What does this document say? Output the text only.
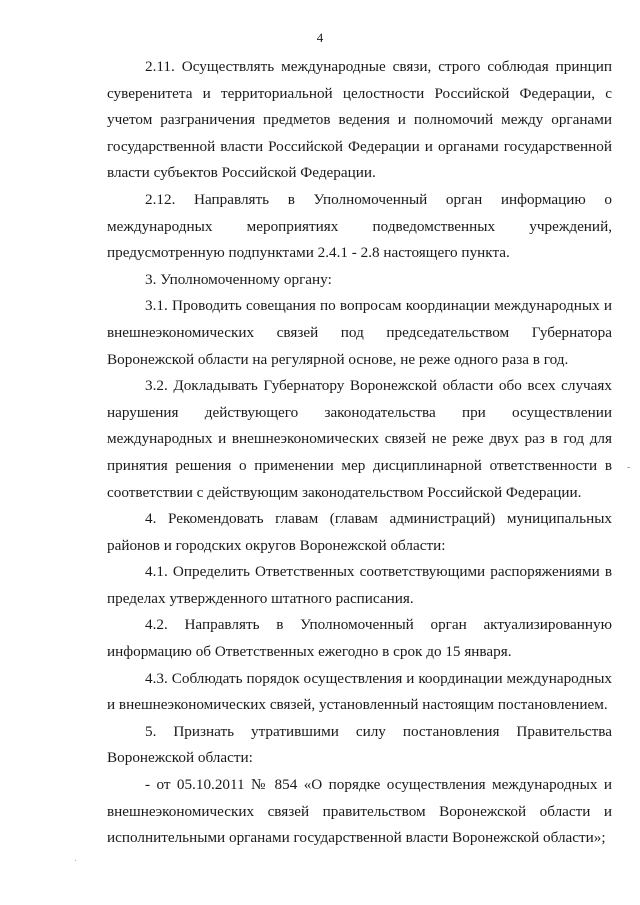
4

2.11. Осуществлять международные связи, строго соблюдая принцип суверенитета и территориальной целостности Российской Федерации, с учетом разграничения предметов ведения и полномочий между органами государственной власти Российской Федерации и органами государственной власти субъектов Российской Федерации.

2.12. Направлять в Уполномоченный орган информацию о международных мероприятиях подведомственных учреждений, предусмотренную подпунктами 2.4.1 - 2.8 настоящего пункта.

3. Уполномоченному органу:

3.1. Проводить совещания по вопросам координации международных и внешнеэкономических связей под председательством Губернатора Воронежской области на регулярной основе, не реже одного раза в год.

3.2. Докладывать Губернатору Воронежской области обо всех случаях нарушения действующего законодательства при осуществлении международных и внешнеэкономических связей не реже двух раз в год для принятия решения о применении мер дисциплинарной ответственности в соответствии с действующим законодательством Российской Федерации.

4. Рекомендовать главам (главам администраций) муниципальных районов и городских округов Воронежской области:

4.1. Определить Ответственных соответствующими распоряжениями в пределах утвержденного штатного расписания.

4.2. Направлять в Уполномоченный орган актуализированную информацию об Ответственных ежегодно в срок до 15 января.

4.3. Соблюдать порядок осуществления и координации международных и внешнеэкономических связей, установленный настоящим постановлением.

5. Признать утратившими силу постановления Правительства Воронежской области:

- от 05.10.2011 № 854 «О порядке осуществления международных и внешнеэкономических связей правительством Воронежской области и исполнительными органами государственной власти Воронежской области»;

-
·
